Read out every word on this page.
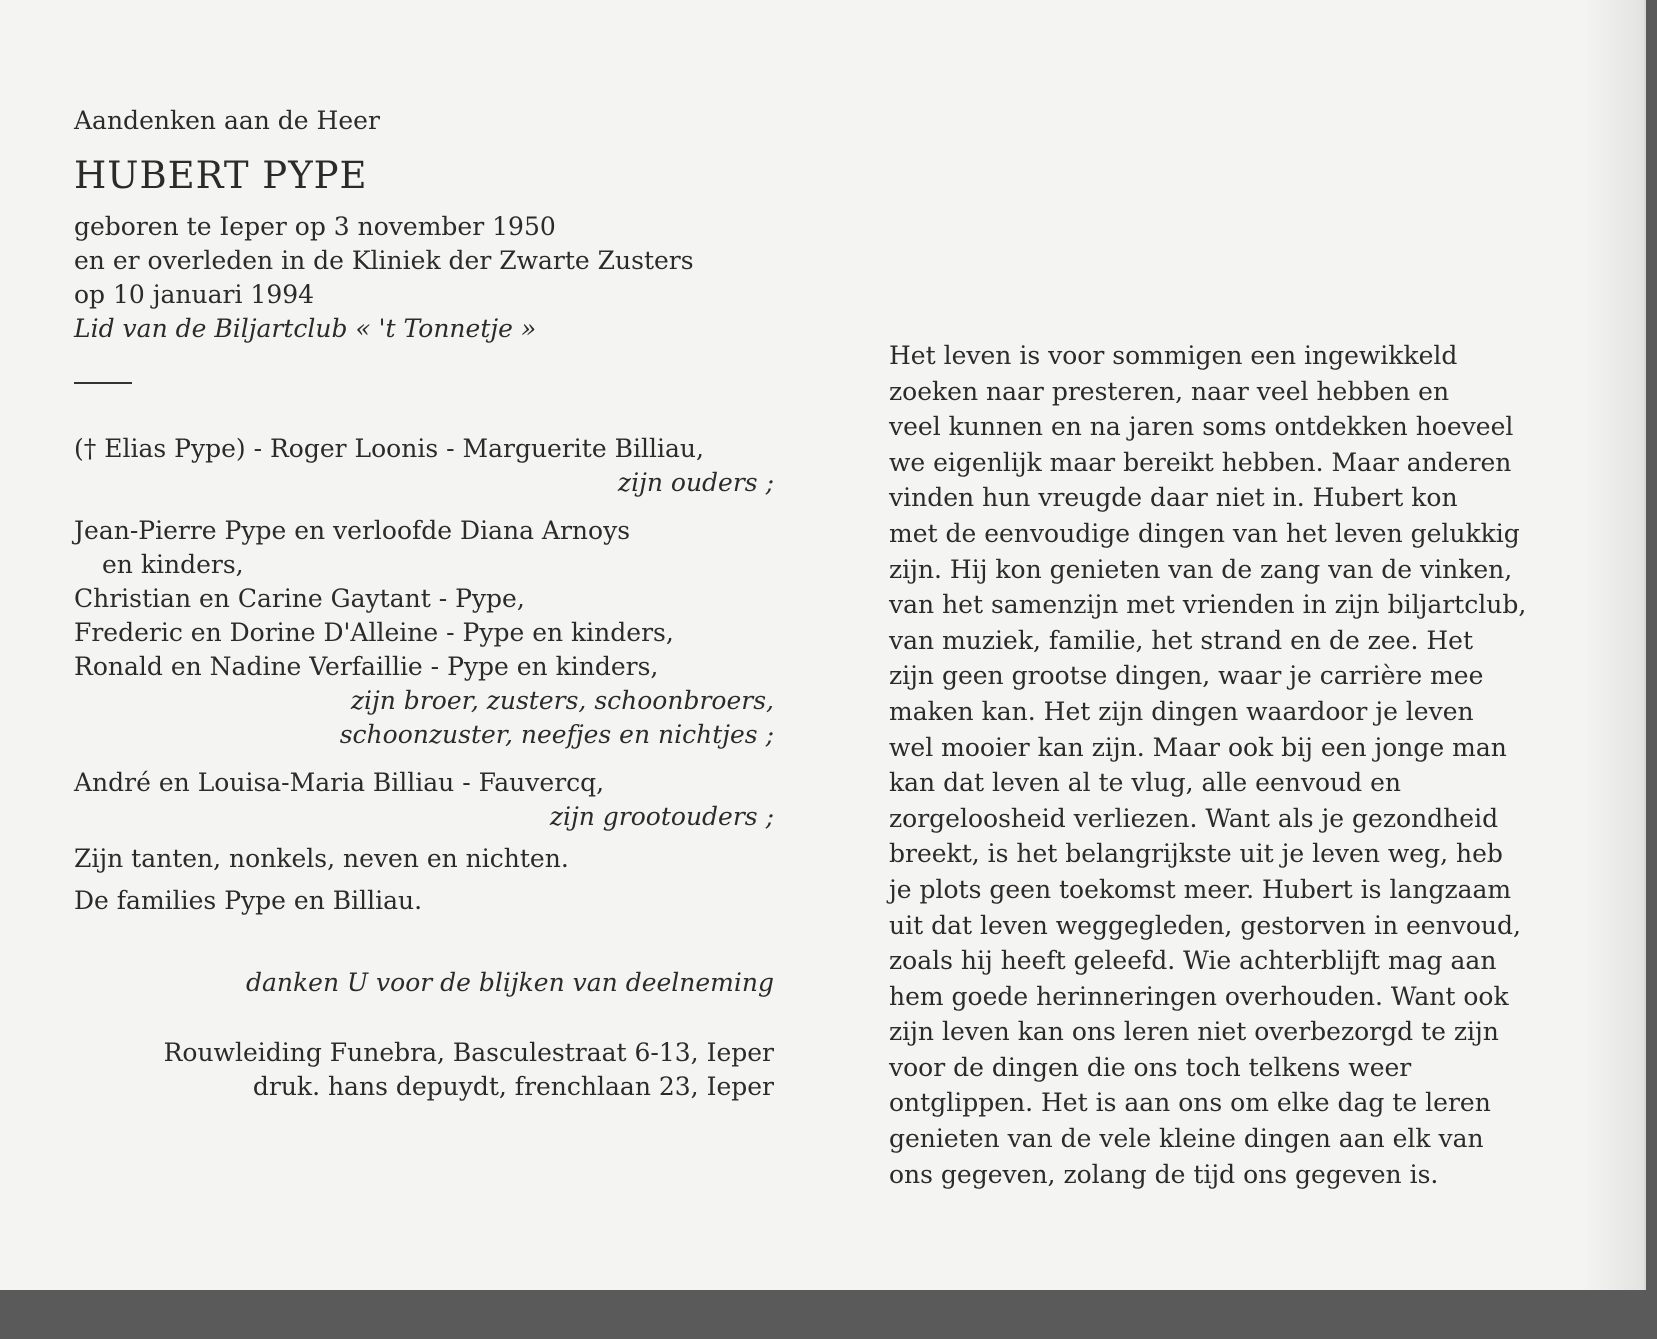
Aandenken aan de Heer
HUBERT PYPE
geboren te Ieper op 3 november 1950
en er overleden in de Kliniek der Zwarte Zusters
op 10 januari 1994
Lid van de Biljartclub « 't Tonnetje »
(† Elias Pype) - Roger Loonis - Marguerite Billiau,
zijn ouders ;
Jean-Pierre Pype en verloofde Diana Arnoys
en kinders,
Christian en Carine Gaytant - Pype,
Frederic en Dorine D'Alleine - Pype en kinders,
Ronald en Nadine Verfaillie - Pype en kinders,
zijn broer, zusters, schoonbroers,
schoonzuster, neefjes en nichtjes ;
André en Louisa-Maria Billiau - Fauvercq,
zijn grootouders ;
Zijn tanten, nonkels, neven en nichten.
De families Pype en Billiau.
danken U voor de blijken van deelneming
Rouwleiding Funebra, Basculestraat 6-13, Ieper
druk. hans depuydt, frenchlaan 23, Ieper
Het leven is voor sommigen een ingewikkeld
zoeken naar presteren, naar veel hebben en
veel kunnen en na jaren soms ontdekken hoeveel
we eigenlijk maar bereikt hebben. Maar anderen
vinden hun vreugde daar niet in. Hubert kon
met de eenvoudige dingen van het leven gelukkig
zijn. Hij kon genieten van de zang van de vinken,
van het samenzijn met vrienden in zijn biljartclub,
van muziek, familie, het strand en de zee. Het
zijn geen grootse dingen, waar je carrière mee
maken kan. Het zijn dingen waardoor je leven
wel mooier kan zijn. Maar ook bij een jonge man
kan dat leven al te vlug, alle eenvoud en
zorgeloosheid verliezen. Want als je gezondheid
breekt, is het belangrijkste uit je leven weg, heb
je plots geen toekomst meer. Hubert is langzaam
uit dat leven weggegleden, gestorven in eenvoud,
zoals hij heeft geleefd. Wie achterblijft mag aan
hem goede herinneringen overhouden. Want ook
zijn leven kan ons leren niet overbezorgd te zijn
voor de dingen die ons toch telkens weer
ontglippen. Het is aan ons om elke dag te leren
genieten van de vele kleine dingen aan elk van
ons gegeven, zolang de tijd ons gegeven is.
